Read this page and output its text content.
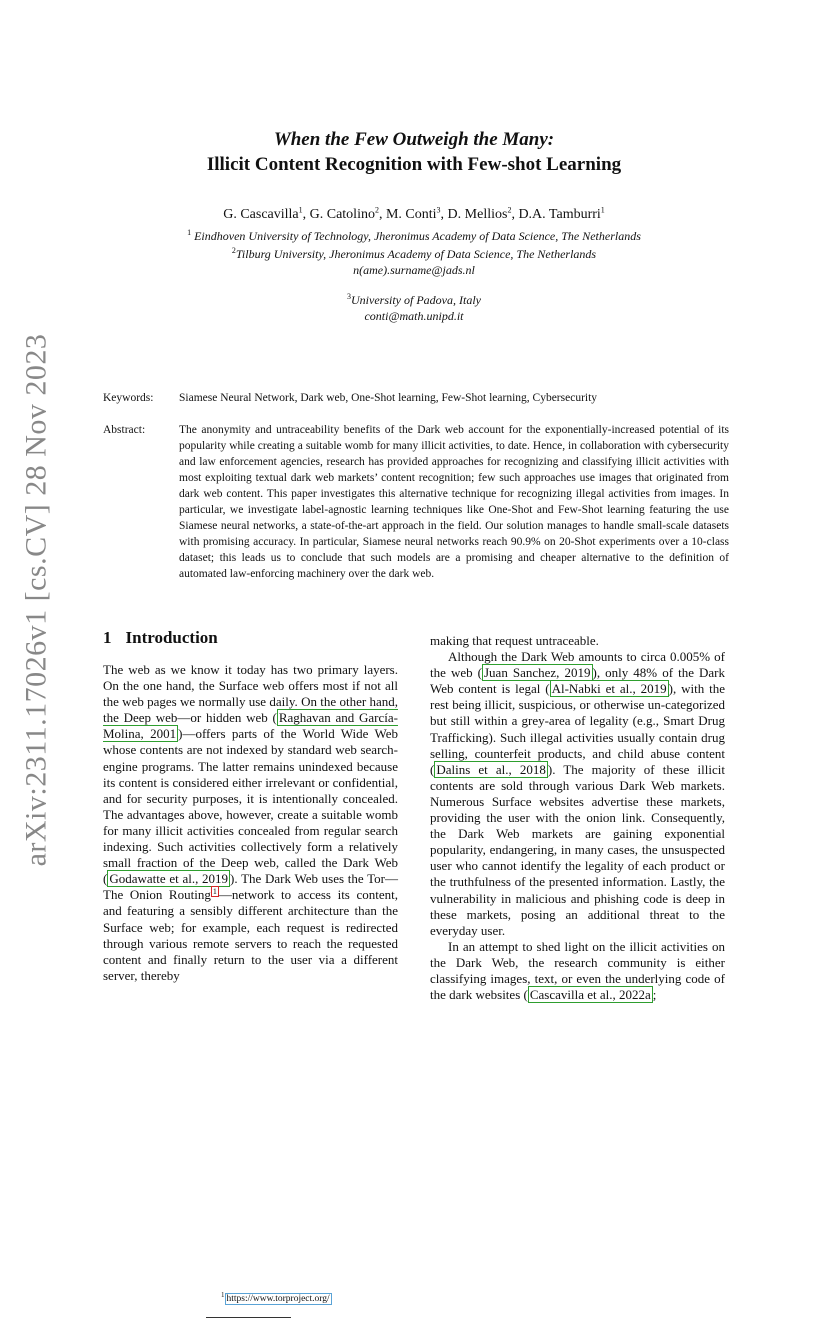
arXiv:2311.17026v1 [cs.CV] 28 Nov 2023
When the Few Outweigh the Many:
Illicit Content Recognition with Few-shot Learning
G. Cascavilla$^1$, G. Catolino$^2$, M. Conti$^3$, D. Mellios$^2$, D.A. Tamburri$^1$
$^1$ Eindhoven University of Technology, Jheronimus Academy of Data Science, The Netherlands
$^2$Tilburg University, Jheronimus Academy of Data Science, The Netherlands
n(ame).surname@jads.nl
$^3$University of Padova, Italy
conti@math.unipd.it
Keywords:	Siamese Neural Network, Dark web, One-Shot learning, Few-Shot learning, Cybersecurity
Abstract:	The anonymity and untraceability benefits of the Dark web account for the exponentially-increased potential of its popularity while creating a suitable womb for many illicit activities, to date. Hence, in collaboration with cybersecurity and law enforcement agencies, research has provided approaches for recognizing and classifying illicit activities with most exploiting textual dark web markets’ content recognition; few such approaches use images that originated from dark web content. This paper investigates this alternative technique for recognizing illegal activities from images. In particular, we investigate label-agnostic learning techniques like One-Shot and Few-Shot learning featuring the use Siamese neural networks, a state-of-the-art approach in the field. Our solution manages to handle small-scale datasets with promising accuracy. In particular, Siamese neural networks reach 90.9% on 20-Shot experiments over a 10-class dataset; this leads us to conclude that such models are a promising and cheaper alternative to the definition of automated law-enforcing machinery over the dark web.
1 Introduction

The web as we know it today has two primary layers. On the one hand, the Surface web offers most if not all the web pages we normally use daily. On the other hand, the Deep web—or hidden web ( Raghavan and García-Molina, 2001 )—offers parts of the World Wide Web whose contents are not indexed by standard web search-engine programs. The latter remains unindexed because its content is considered either irrelevant or confidential, and for security purposes, it is intentionally concealed. The advantages above, however, create a suitable womb for many illicit activities concealed from regular search indexing. Such activities collectively form a relatively small fraction of the Deep web, called the Dark Web ( Godawatte et al., 2019 ). The Dark Web uses the Tor—The Onion Routing $^1$ —network to access its content, and featuring a sensibly different architecture than the Surface web; for example, each request is redirected through various remote servers to reach the requested content and finally return to the user via a different server, thereby

$^1$ https://www.torproject.org/

making that request untraceable.

Although the Dark Web amounts to circa 0.005% of the web ( Juan Sanchez, 2019 ), only 48% of the Dark Web content is legal ( Al-Nabki et al., 2019 ), with the rest being illicit, suspicious, or otherwise un-categorized but still within a grey-area of legality (e.g., Smart Drug Trafficking). Such illegal activities usually contain drug selling, counterfeit products, and child abuse content ( Dalins et al., 2018 ). The majority of these illicit contents are sold through various Dark Web markets. Numerous Surface websites advertise these markets, providing the user with the onion link. Consequently, the Dark Web markets are gaining exponential popularity, endangering, in many cases, the unsuspected user who cannot identify the legality of each product or the truthfulness of the presented information. Lastly, the vulnerability in malicious and phishing code is deep in these markets, posing an additional threat to the everyday user.

In an attempt to shed light on the illicit activities on the Dark Web, the research community is either classifying images, text, or even the underlying code of the dark websites ( Cascavilla et al., 2022a ;
